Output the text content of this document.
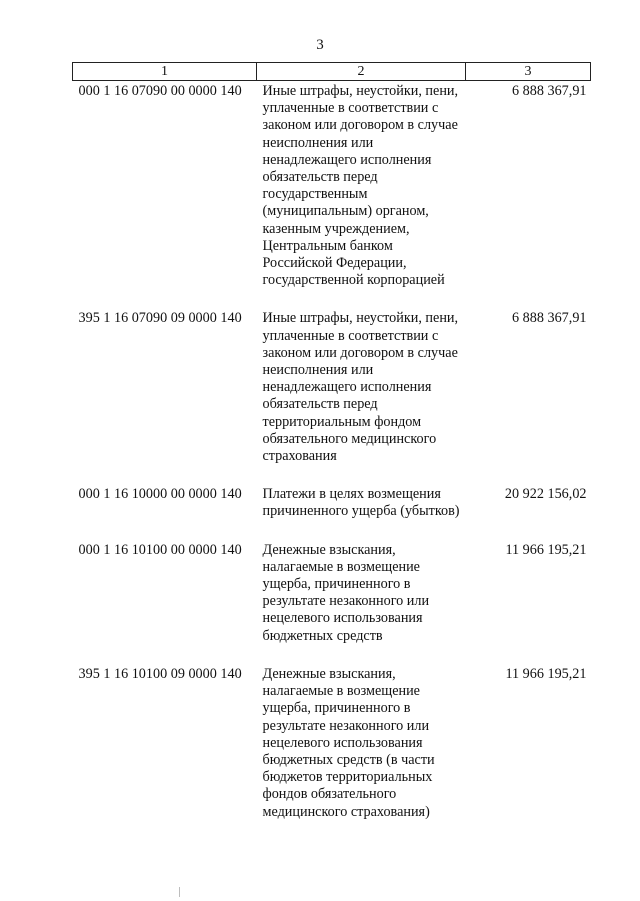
3
1	2	3
000 1 16 07090 00 0000 140	Иные штрафы, неустойки, пени, уплаченные в соответствии с законом или договором в случае неисполнения или ненадлежащего исполнения обязательств перед государственным (муниципальным) органом, казенным учреждением, Центральным банком Российской Федерации, государственной корпорацией	6 888 367,91

395 1 16 07090 09 0000 140	Иные штрафы, неустойки, пени, уплаченные в соответствии с законом или договором в случае неисполнения или ненадлежащего исполнения обязательств перед территориальным фондом обязательного медицинского страхования	6 888 367,91

000 1 16 10000 00 0000 140	Платежи в целях возмещения причиненного ущерба (убытков)	20 922 156,02

000 1 16 10100 00 0000 140	Денежные взыскания, налагаемые в возмещение ущерба, причиненного в результате незаконного или нецелевого использования бюджетных средств	11 966 195,21

395 1 16 10100 09 0000 140	Денежные взыскания, налагаемые в возмещение ущерба, причиненного в результате незаконного или нецелевого использования бюджетных средств (в части бюджетов территориальных фондов обязательного медицинского страхования)	11 966 195,21
